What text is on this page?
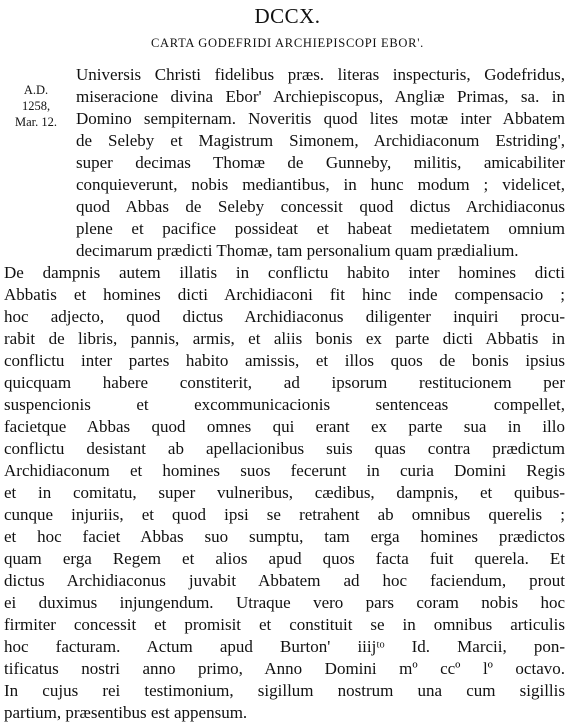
DCCX.
CARTA GODEFRIDI ARCHIEPISCOPI EBOR'.
A.D.
1258,
Mar. 12.
Universis Christi fidelibus præs. literas inspecturis, Godefridus,
miseracione divina Ebor' Archiepiscopus, Angliæ Primas, sa. in
Domino sempiternam. Noveritis quod lites motæ inter Abbatem
de Seleby et Magistrum Simonem, Archidiaconum Estriding',
super decimas Thomæ de Gunneby, militis, amicabiliter
conquieverunt, nobis mediantibus, in hunc modum ; videlicet,
quod Abbas de Seleby concessit quod dictus Archidiaconus
plene et pacifice possideat et habeat medietatem omnium
decimarum prædicti Thomæ, tam personalium quam prædialium.
De dampnis autem illatis in conflictu habito inter homines dicti
Abbatis et homines dicti Archidiaconi fit hinc inde compensacio ;
hoc adjecto, quod dictus Archidiaconus diligenter inquiri procu-
rabit de libris, pannis, armis, et aliis bonis ex parte dicti Abbatis in
conflictu inter partes habito amissis, et illos quos de bonis ipsius
quicquam habere constiterit, ad ipsorum restitucionem per
suspencionis et excommunicacionis sentenceas compellet,
facietque Abbas quod omnes qui erant ex parte sua in illo
conflictu desistant ab apellacionibus suis quas contra prædictum
Archidiaconum et homines suos fecerunt in curia Domini Regis
et in comitatu, super vulneribus, cædibus, dampnis, et quibus-
cunque injuriis, et quod ipsi se retrahent ab omnibus querelis ;
et hoc faciet Abbas suo sumptu, tam erga homines prædictos
quam erga Regem et alios apud quos facta fuit querela. Et
dictus Archidiaconus juvabit Abbatem ad hoc faciendum, prout
ei duximus injungendum. Utraque vero pars coram nobis hoc
firmiter concessit et promisit et constituit se in omnibus articulis
hoc facturam. Actum apud Burton' iiijᵗᵒ Id. Marcii, pon-
tificatus nostri anno primo, Anno Domini mº ccº lº octavo.
In cujus rei testimonium, sigillum nostrum una cum sigillis
partium, præsentibus est appensum.
